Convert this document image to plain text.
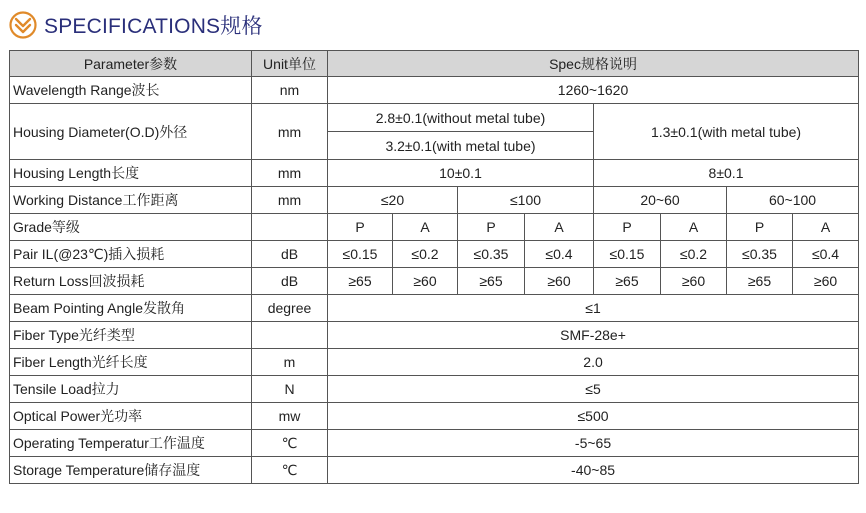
SPECIFICATIONS规格
Parameter参数	Unit单位	Spec规格说明							
Wavelength Range波长	nm	1260~1620							
Housing Diameter(O.D)外径	mm	2.8±0.1(without metal tube)				1.3±0.1(with metal tube)			
		3.2±0.1(with metal tube)							
Housing Length长度	mm	10±0.1				8±0.1			
Working Distance工作距离	mm	≤20		≤100		20~60		60~100	
Grade等级		P	A	P	A	P	A	P	A
Pair IL(@23℃)插入损耗	dB	≤0.15	≤0.2	≤0.35	≤0.4	≤0.15	≤0.2	≤0.35	≤0.4
Return Loss回波损耗	dB	≥65	≥60	≥65	≥60	≥65	≥60	≥65	≥60
Beam Pointing Angle发散角	degree	≤1							
Fiber Type光纤类型		SMF-28e+							
Fiber Length光纤长度	m	2.0							
Tensile Load拉力	N	≤5							
Optical Power光功率	mw	≤500							
Operating Temperatur工作温度	℃	-5~65							
Storage Temperature储存温度	℃	-40~85							
